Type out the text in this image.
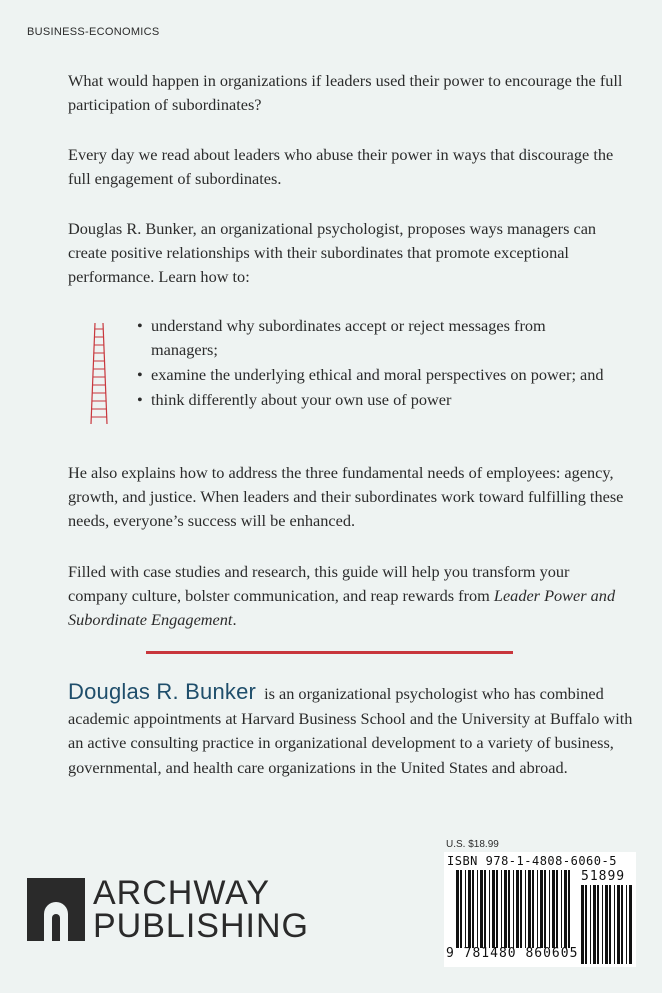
BUSINESS-ECONOMICS

What would happen in organizations if leaders used their power to encourage the full participation of subordinates?

Every day we read about leaders who abuse their power in ways that discourage the full engagement of subordinates.

Douglas R. Bunker, an organizational psychologist, proposes ways managers can create positive relationships with their subordinates that promote exceptional performance. Learn how to:

• understand why subordinates accept or reject messages from managers;
• examine the underlying ethical and moral perspectives on power; and
• think differently about your own use of power

He also explains how to address the three fundamental needs of employees: agency, growth, and justice. When leaders and their subordinates work toward fulfilling these needs, everyone’s success will be enhanced.

Filled with case studies and research, this guide will help you transform your company culture, bolster communication, and reap rewards from Leader Power and Subordinate Engagement.

Douglas R. Bunker is an organizational psychologist who has combined academic appointments at Harvard Business School and the University at Buffalo with an active consulting practice in organizational development to a variety of business, governmental, and health care organizations in the United States and abroad.

ARCHWAY
PUBLISHING
U.S. $18.99
ISBN 978-1-4808-6060-5
51899
9 781480 860605
